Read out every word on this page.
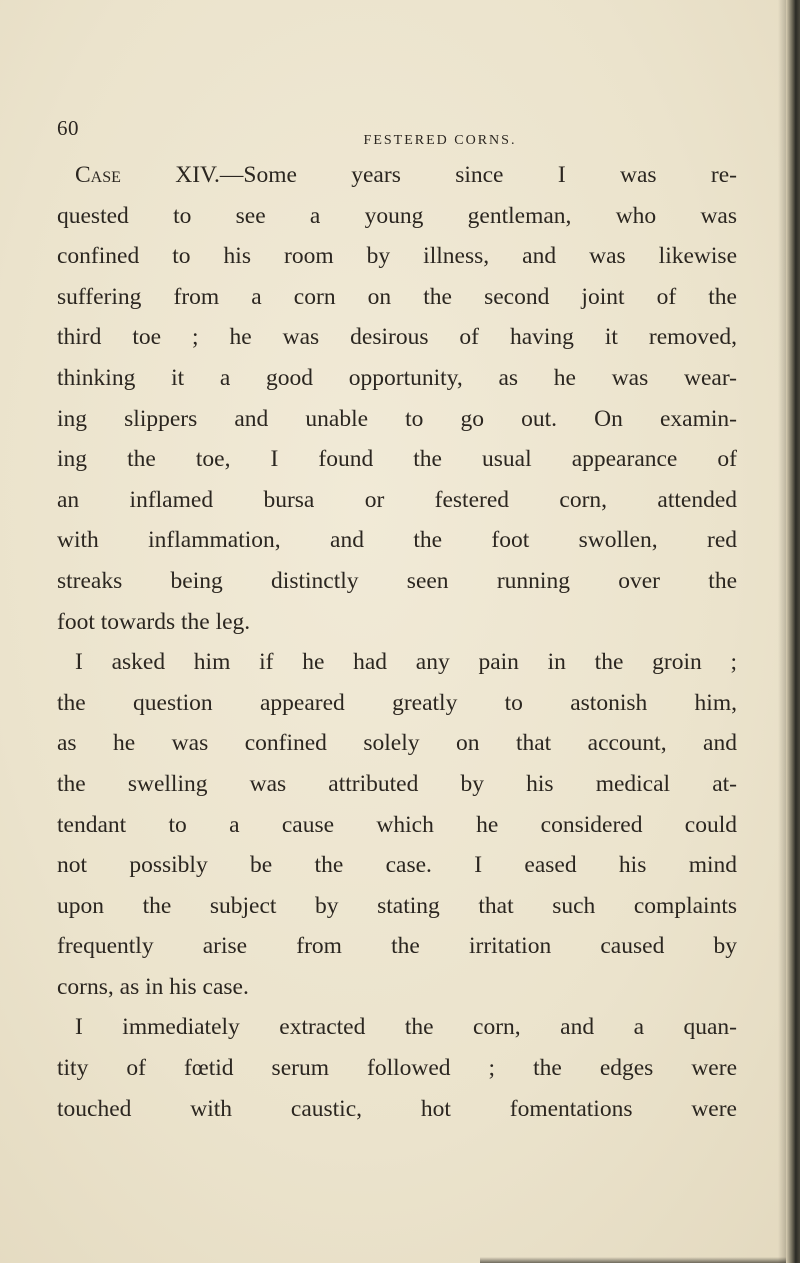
60
FESTERED CORNS.
Case XIV.—Some years since I was re-
quested to see a young gentleman, who was
confined to his room by illness, and was likewise
suffering from a corn on the second joint of the
third toe ; he was desirous of having it removed,
thinking it a good opportunity, as he was wear-
ing slippers and unable to go out. On examin-
ing the toe, I found the usual appearance of
an inflamed bursa or festered corn, attended
with inflammation, and the foot swollen, red
streaks being distinctly seen running over the
foot towards the leg.
I asked him if he had any pain in the groin ;
the question appeared greatly to astonish him,
as he was confined solely on that account, and
the swelling was attributed by his medical at-
tendant to a cause which he considered could
not possibly be the case. I eased his mind
upon the subject by stating that such complaints
frequently arise from the irritation caused by
corns, as in his case.
I immediately extracted the corn, and a quan-
tity of fœtid serum followed ; the edges were
touched with caustic, hot fomentations were
